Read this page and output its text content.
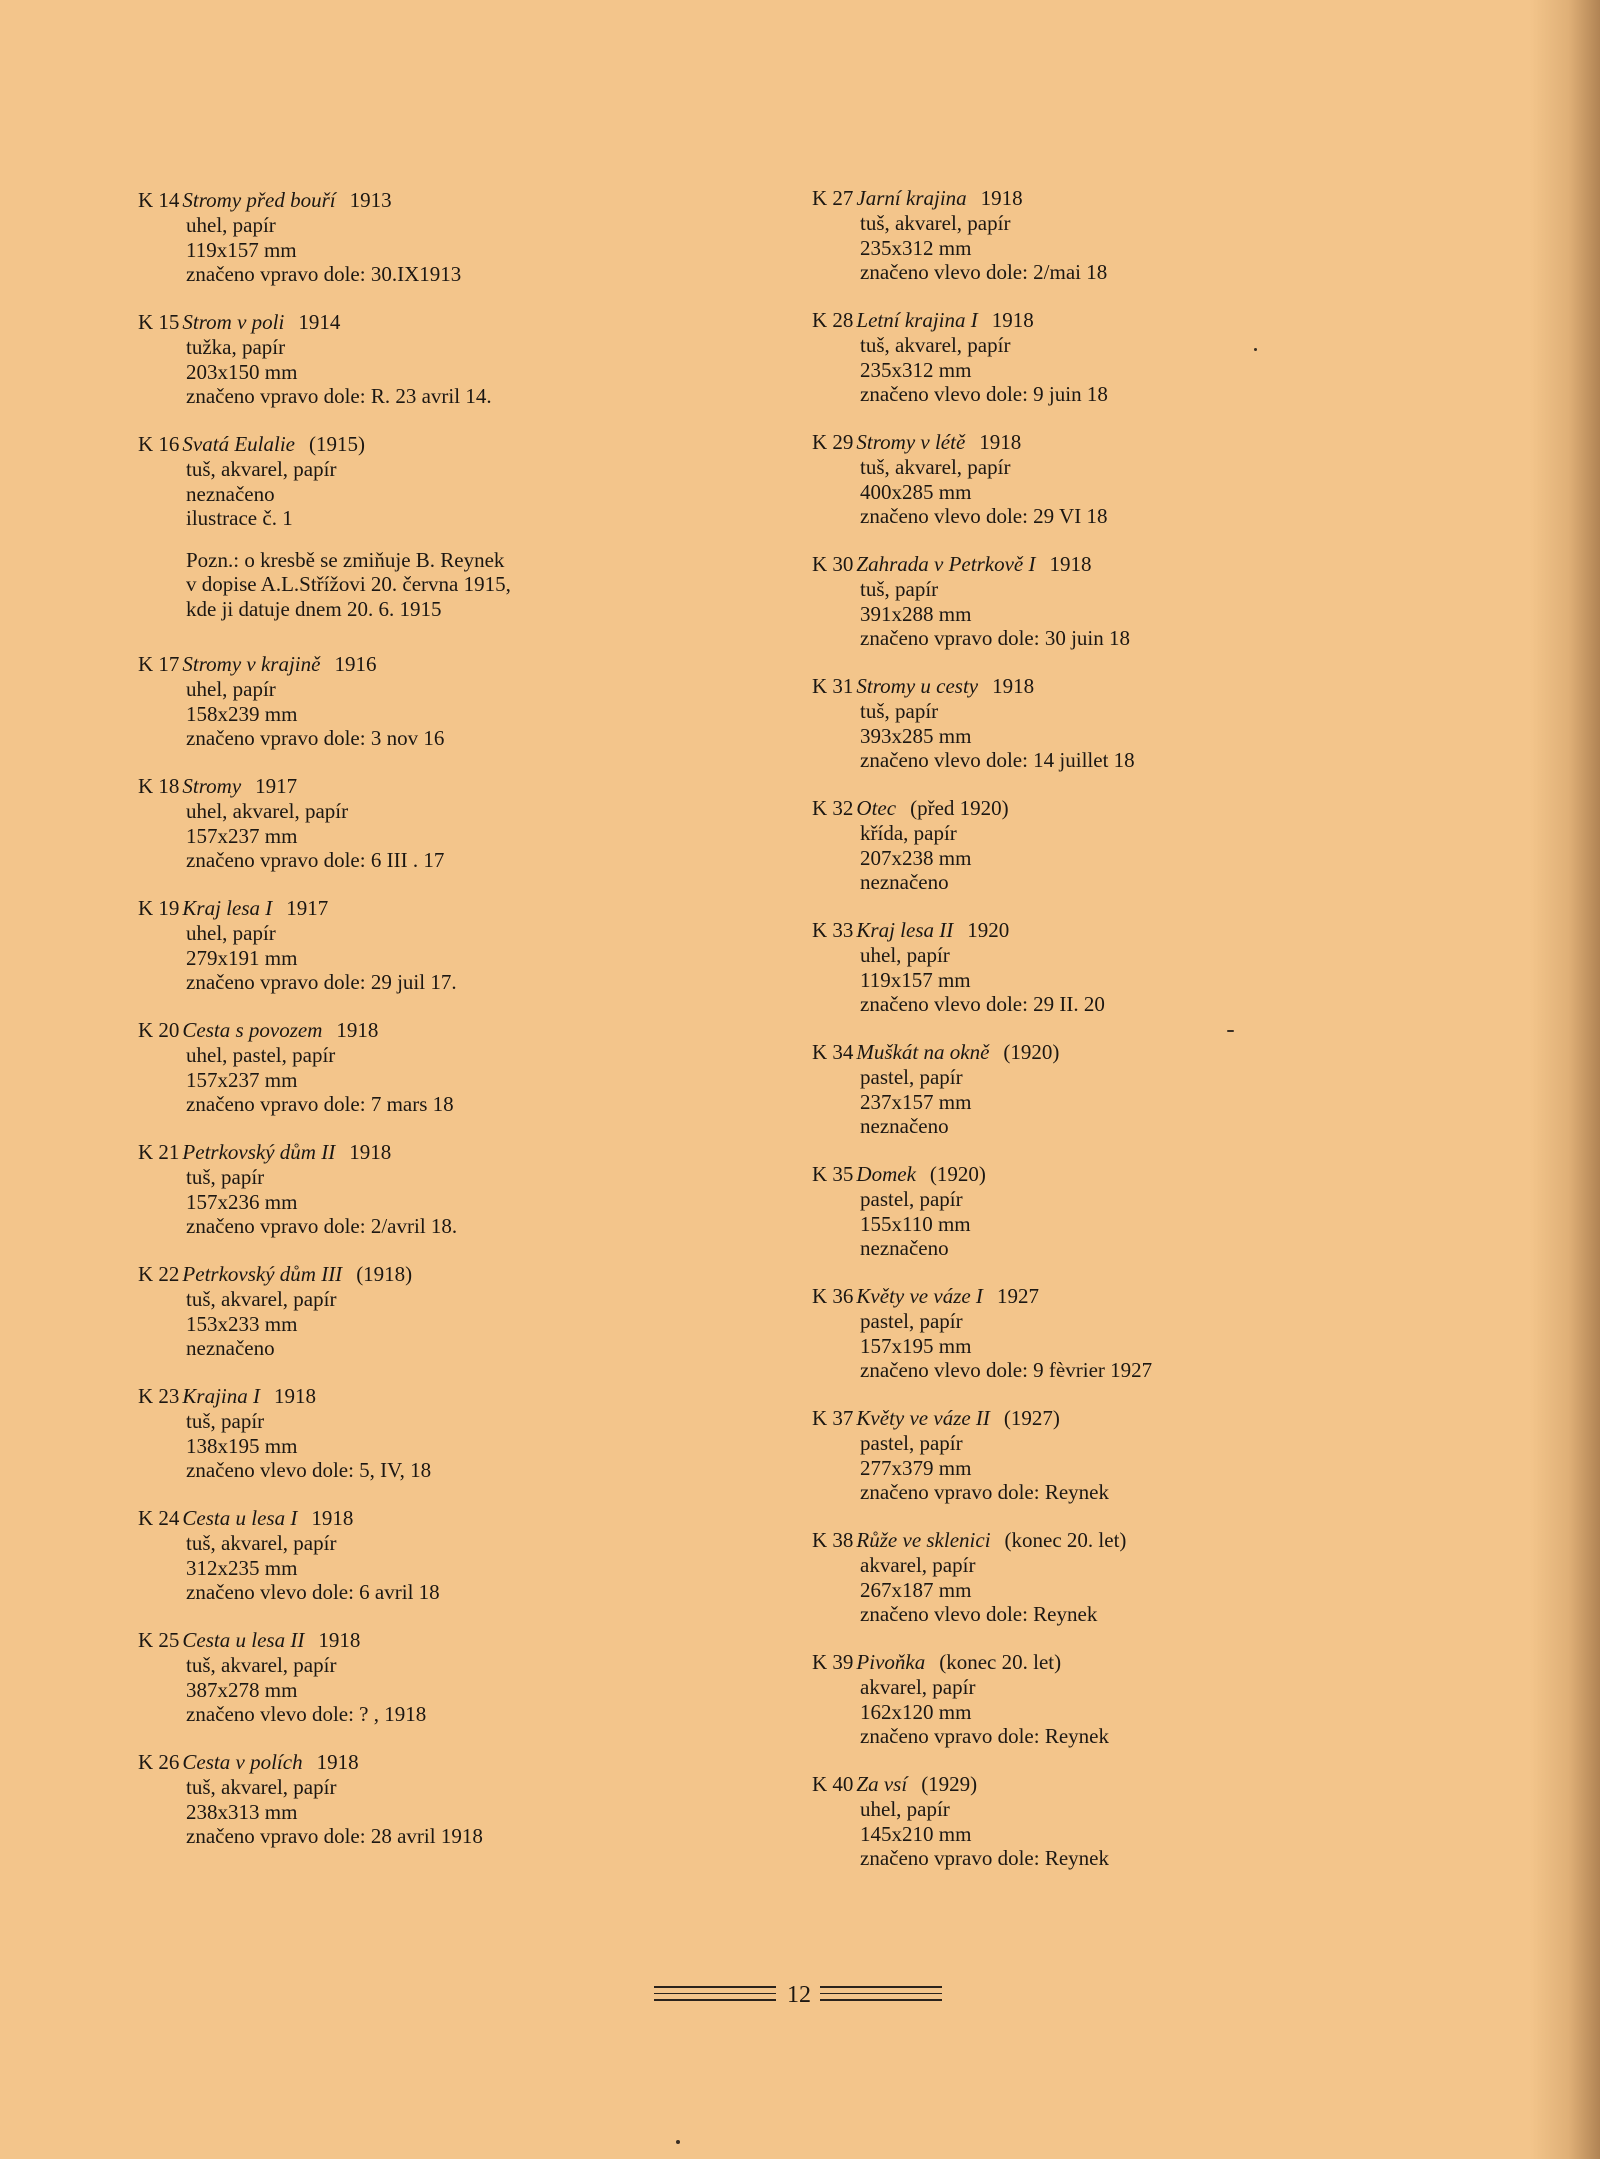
K 14 Stromy před bouří 1913
uhel, papír
119x157 mm
značeno vpravo dole: 30.IX1913
K 15 Strom v poli 1914
tužka, papír
203x150 mm
značeno vpravo dole: R. 23 avril 14.
K 16 Svatá Eulalie (1915)
tuš, akvarel, papír
neznačeno
ilustrace č. 1
Pozn.: o kresbě se zmiňuje B. Reynek
v dopise A.L.Střížovi 20. června 1915,
kde ji datuje dnem 20. 6. 1915
K 17 Stromy v krajině 1916
uhel, papír
158x239 mm
značeno vpravo dole: 3 nov 16
K 18 Stromy 1917
uhel, akvarel, papír
157x237 mm
značeno vpravo dole: 6 III . 17
K 19 Kraj lesa I 1917
uhel, papír
279x191 mm
značeno vpravo dole: 29 juil 17.
K 20 Cesta s povozem 1918
uhel, pastel, papír
157x237 mm
značeno vpravo dole: 7 mars 18
K 21 Petrkovský dům II 1918
tuš, papír
157x236 mm
značeno vpravo dole: 2/avril 18.
K 22 Petrkovský dům III (1918)
tuš, akvarel, papír
153x233 mm
neznačeno
K 23 Krajina I 1918
tuš, papír
138x195 mm
značeno vlevo dole: 5, IV, 18
K 24 Cesta u lesa I 1918
tuš, akvarel, papír
312x235 mm
značeno vlevo dole: 6 avril 18
K 25 Cesta u lesa II 1918
tuš, akvarel, papír
387x278 mm
značeno vlevo dole: ? , 1918
K 26 Cesta v polích 1918
tuš, akvarel, papír
238x313 mm
značeno vpravo dole: 28 avril 1918
K 27 Jarní krajina 1918
tuš, akvarel, papír
235x312 mm
značeno vlevo dole: 2/mai 18
K 28 Letní krajina I 1918
tuš, akvarel, papír
235x312 mm
značeno vlevo dole: 9 juin 18
K 29 Stromy v létě 1918
tuš, akvarel, papír
400x285 mm
značeno vlevo dole: 29 VI 18
K 30 Zahrada v Petrkově I 1918
tuš, papír
391x288 mm
značeno vpravo dole: 30 juin 18
K 31 Stromy u cesty 1918
tuš, papír
393x285 mm
značeno vlevo dole: 14 juillet 18
K 32 Otec (před 1920)
křída, papír
207x238 mm
neznačeno
K 33 Kraj lesa II 1920
uhel, papír
119x157 mm
značeno vlevo dole: 29 II. 20
K 34 Muškát na okně (1920)
pastel, papír
237x157 mm
neznačeno
K 35 Domek (1920)
pastel, papír
155x110 mm
neznačeno
K 36 Květy ve váze I 1927
pastel, papír
157x195 mm
značeno vlevo dole: 9 fèvrier 1927
K 37 Květy ve váze II (1927)
pastel, papír
277x379 mm
značeno vpravo dole: Reynek
K 38 Růže ve sklenici (konec 20. let)
akvarel, papír
267x187 mm
značeno vlevo dole: Reynek
K 39 Pivoňka (konec 20. let)
akvarel, papír
162x120 mm
značeno vpravo dole: Reynek
K 40 Za vsí (1929)
uhel, papír
145x210 mm
značeno vpravo dole: Reynek
12
